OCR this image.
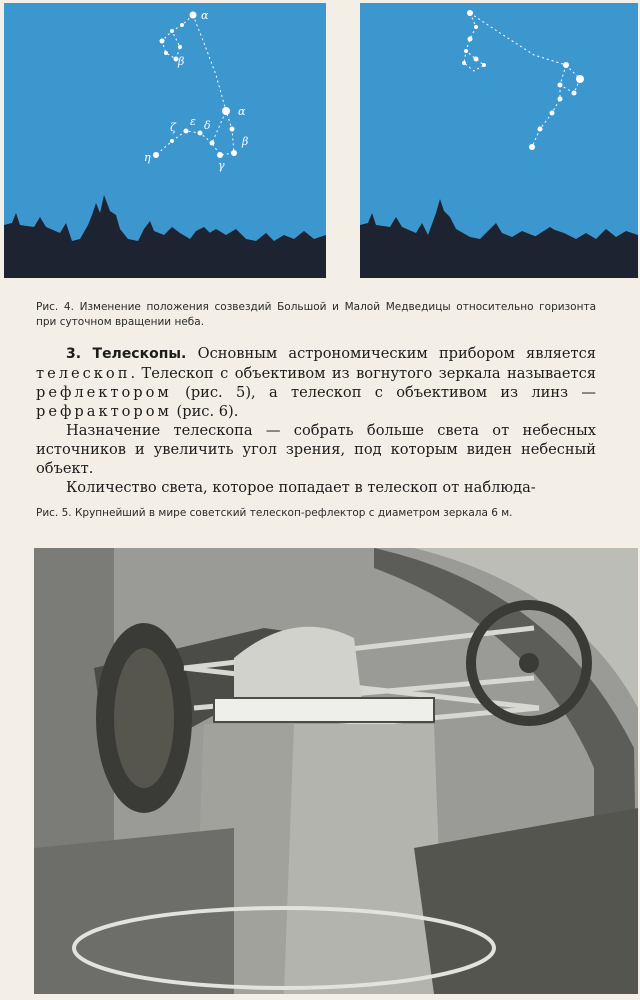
α
β
α
β
ζ ε δ
γ
η
Рис. 4. Изменение положения созвездий Большой и Малой Медведицы относительно горизонта при суточном вращении неба.

3. Телескопы. Основным астрономическим прибором является телескоп. Телескоп с объективом из вогнутого зеркала называется рефлектором (рис. 5), а телескоп с объективом из линз — рефрактором (рис. 6).

Назначение телескопа — собрать больше света от небесных источников и увеличить угол зрения, под которым виден небесный объект.

Количество света, которое попадает в телескоп от наблюда-

Рис. 5. Крупнейший в мире советский телескоп-рефлектор с диаметром зеркала 6 м.
